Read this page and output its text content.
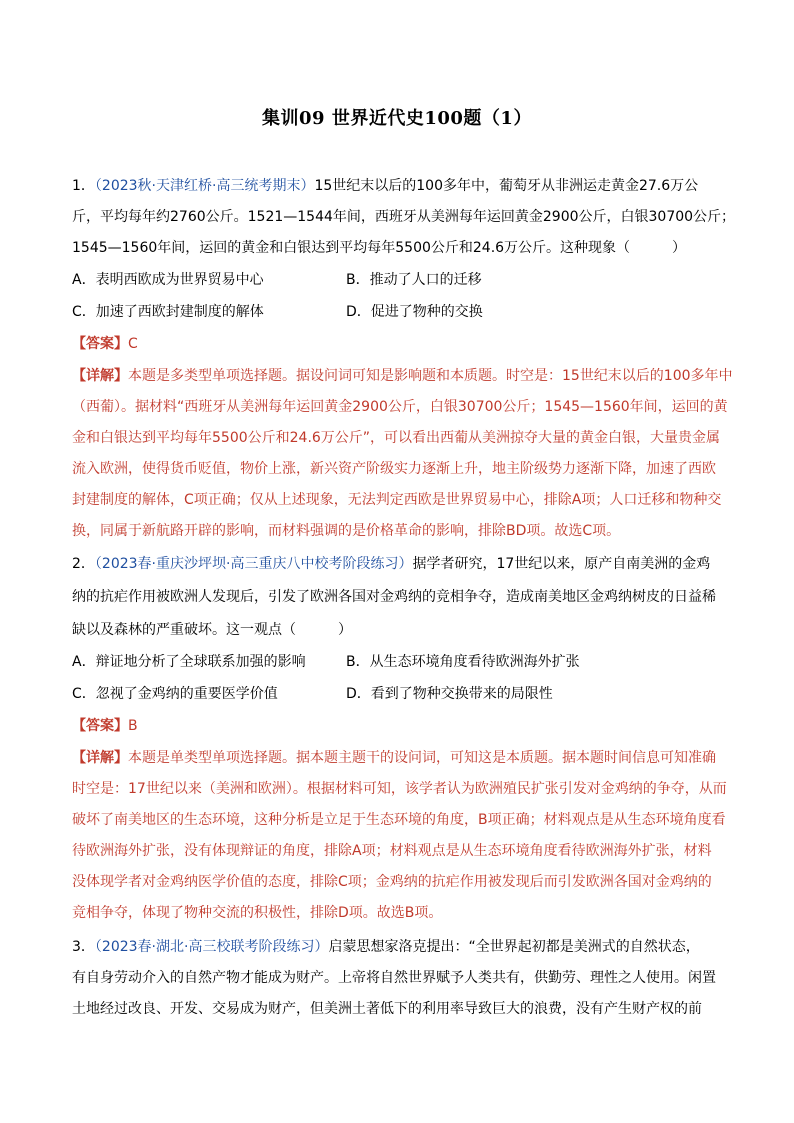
集训09 世界近代史100题（1）
1．（2023秋·天津红桥·高三统考期末）15世纪末以后的100多年中，葡萄牙从非洲运走黄金27.6万公
斤，平均每年约2760公斤。1521—1544年间，西班牙从美洲每年运回黄金2900公斤，白银30700公斤；
1545—1560年间，运回的黄金和白银达到平均每年5500公斤和24.6万公斤。这种现象（　　　）
A．表明西欧成为世界贸易中心	B．推动了人口的迁移
C．加速了西欧封建制度的解体	D．促进了物种的交换
【答案】C
【详解】本题是多类型单项选择题。据设问词可知是影响题和本质题。时空是：15世纪末以后的100多年中
（西葡）。据材料“西班牙从美洲每年运回黄金2900公斤，白银30700公斤；1545—1560年间，运回的黄
金和白银达到平均每年5500公斤和24.6万公斤”，可以看出西葡从美洲掠夺大量的黄金白银，大量贵金属
流入欧洲，使得货币贬值，物价上涨，新兴资产阶级实力逐渐上升，地主阶级势力逐渐下降，加速了西欧
封建制度的解体，C项正确；仅从上述现象，无法判定西欧是世界贸易中心，排除A项；人口迁移和物种交
换，同属于新航路开辟的影响，而材料强调的是价格革命的影响，排除BD项。故选C项。
2．（2023春·重庆沙坪坝·高三重庆八中校考阶段练习）据学者研究，17世纪以来，原产自南美洲的金鸡
纳的抗疟作用被欧洲人发现后，引发了欧洲各国对金鸡纳的竞相争夺，造成南美地区金鸡纳树皮的日益稀
缺以及森林的严重破坏。这一观点（　　　）
A．辩证地分析了全球联系加强的影响	B．从生态环境角度看待欧洲海外扩张
C．忽视了金鸡纳的重要医学价值	D．看到了物种交换带来的局限性
【答案】B
【详解】本题是单类型单项选择题。据本题主题干的设问词，可知这是本质题。据本题时间信息可知准确
时空是：17世纪以来（美洲和欧洲）。根据材料可知，该学者认为欧洲殖民扩张引发对金鸡纳的争夺，从而
破坏了南美地区的生态环境，这种分析是立足于生态环境的角度，B项正确；材料观点是从生态环境角度看
待欧洲海外扩张，没有体现辩证的角度，排除A项；材料观点是从生态环境角度看待欧洲海外扩张，材料
没体现学者对金鸡纳医学价值的态度，排除C项；金鸡纳的抗疟作用被发现后而引发欧洲各国对金鸡纳的
竞相争夺，体现了物种交流的积极性，排除D项。故选B项。
3．（2023春·湖北·高三校联考阶段练习）启蒙思想家洛克提出：“全世界起初都是美洲式的自然状态，
有自身劳动介入的自然产物才能成为财产。上帝将自然世界赋予人类共有，供勤劳、理性之人使用。闲置
土地经过改良、开发、交易成为财产，但美洲土著低下的利用率导致巨大的浪费，没有产生财产权的前
